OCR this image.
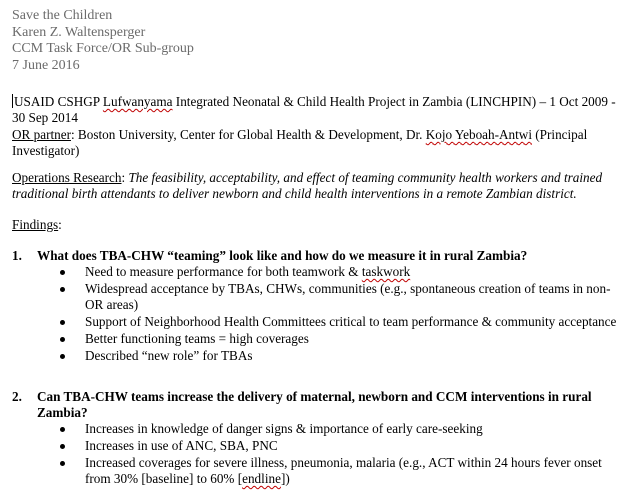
Save the Children
Karen Z. Waltensperger
CCM Task Force/OR Sub-group
7 June 2016
USAID CSHGP Lufwanyama Integrated Neonatal & Child Health Project in Zambia (LINCHPIN) – 1 Oct 2009 - 30 Sep 2014
OR partner: Boston University, Center for Global Health & Development, Dr. Kojo Yeboah-Antwi (Principal Investigator)
Operations Research: The feasibility, acceptability, and effect of teaming community health workers and trained traditional birth attendants to deliver newborn and child health interventions in a remote Zambian district.
Findings:
1. What does TBA-CHW “teaming” look like and how do we measure it in rural Zambia?
Need to measure performance for both teamwork & taskwork
Widespread acceptance by TBAs, CHWs, communities (e.g., spontaneous creation of teams in non-OR areas)
Support of Neighborhood Health Committees critical to team performance & community acceptance
Better functioning teams = high coverages
Described “new role” for TBAs
2. Can TBA-CHW teams increase the delivery of maternal, newborn and CCM interventions in rural Zambia?
Increases in knowledge of danger signs & importance of early care-seeking
Increases in use of ANC, SBA, PNC
Increased coverages for severe illness, pneumonia, malaria (e.g., ACT within 24 hours fever onset from 30% [baseline] to 60% [endline])
